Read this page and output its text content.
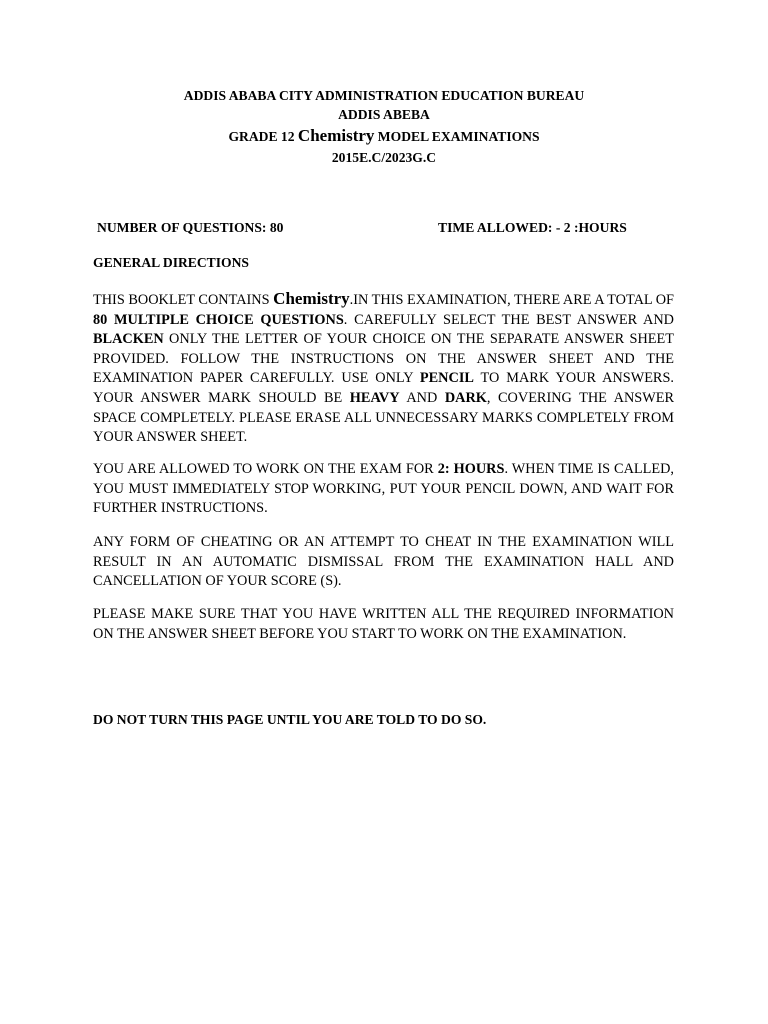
ADDIS ABABA CITY ADMINISTRATION EDUCATION BUREAU
ADDIS ABEBA
GRADE 12 Chemistry MODEL EXAMINATIONS
2015E.C/2023G.C
NUMBER OF QUESTIONS: 80	TIME ALLOWED: - 2 :HOURS
GENERAL DIRECTIONS
THIS BOOKLET CONTAINS Chemistry.IN THIS EXAMINATION, THERE ARE A TOTAL OF 80 MULTIPLE CHOICE QUESTIONS. CAREFULLY SELECT THE BEST ANSWER AND BLACKEN ONLY THE LETTER OF YOUR CHOICE ON THE SEPARATE ANSWER SHEET PROVIDED. FOLLOW THE INSTRUCTIONS ON THE ANSWER SHEET AND THE EXAMINATION PAPER CAREFULLY. USE ONLY PENCIL TO MARK YOUR ANSWERS. YOUR ANSWER MARK SHOULD BE HEAVY AND DARK, COVERING THE ANSWER SPACE COMPLETELY. PLEASE ERASE ALL UNNECESSARY MARKS COMPLETELY FROM YOUR ANSWER SHEET.
YOU ARE ALLOWED TO WORK ON THE EXAM FOR 2: HOURS. WHEN TIME IS CALLED, YOU MUST IMMEDIATELY STOP WORKING, PUT YOUR PENCIL DOWN, AND WAIT FOR FURTHER INSTRUCTIONS.
ANY FORM OF CHEATING OR AN ATTEMPT TO CHEAT IN THE EXAMINATION WILL RESULT IN AN AUTOMATIC DISMISSAL FROM THE EXAMINATION HALL AND CANCELLATION OF YOUR SCORE (S).
PLEASE MAKE SURE THAT YOU HAVE WRITTEN ALL THE REQUIRED INFORMATION ON THE ANSWER SHEET BEFORE YOU START TO WORK ON THE EXAMINATION.
DO NOT TURN THIS PAGE UNTIL YOU ARE TOLD TO DO SO.
